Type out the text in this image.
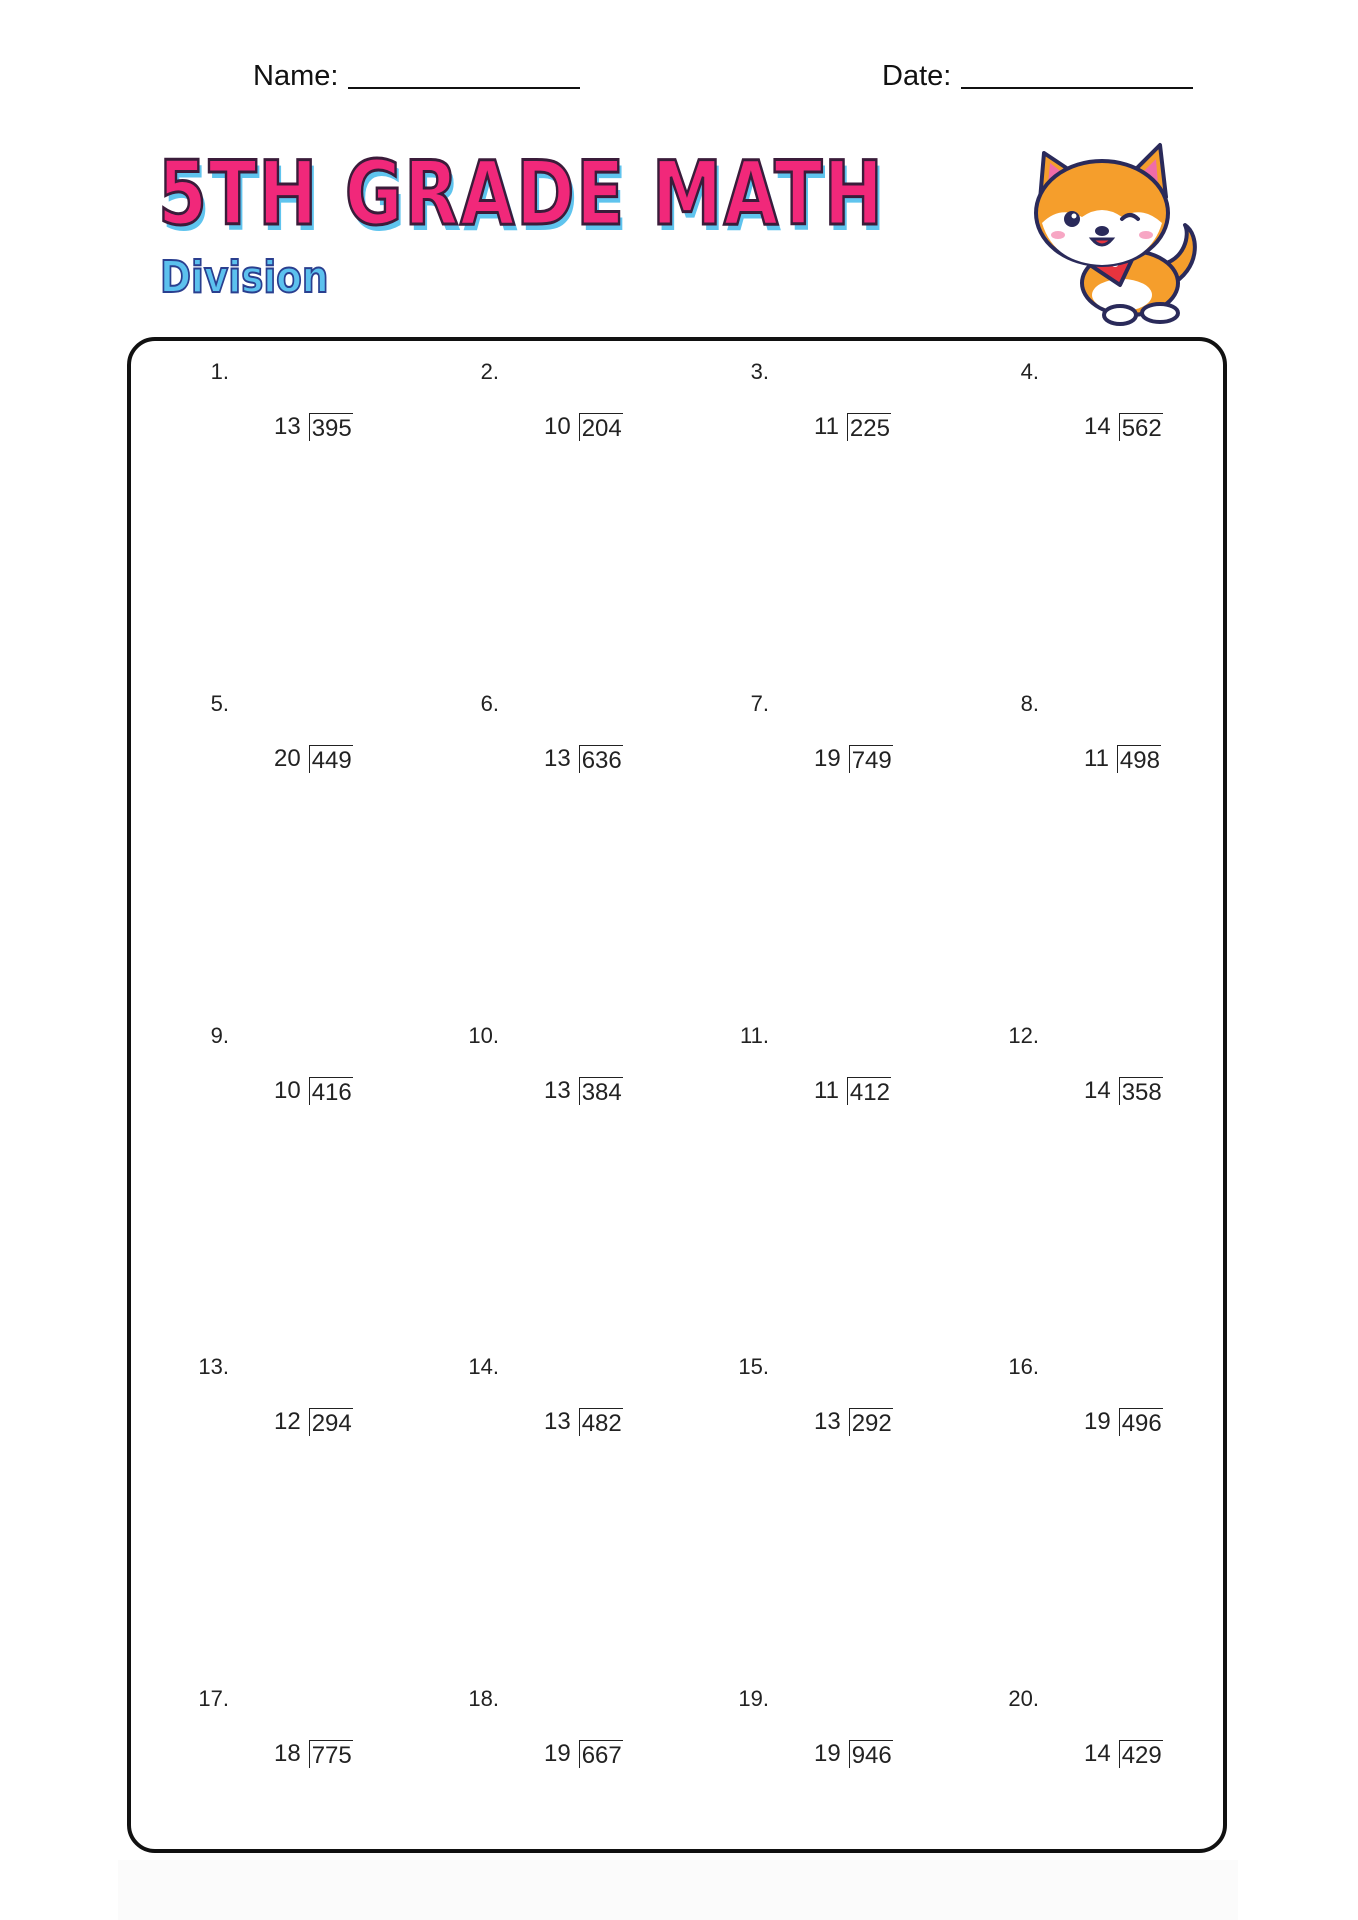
Name:	Date:
5TH GRADE MATH
Division
1.
13 395
2.
10 204
3.
11 225
4.
14 562
5.
20 449
6.
13 636
7.
19 749
8.
11 498
9.
10 416
10.
13 384
11.
11 412
12.
14 358
13.
12 294
14.
13 482
15.
13 292
16.
19 496
17.
18 775
18.
19 667
19.
19 946
20.
14 429
